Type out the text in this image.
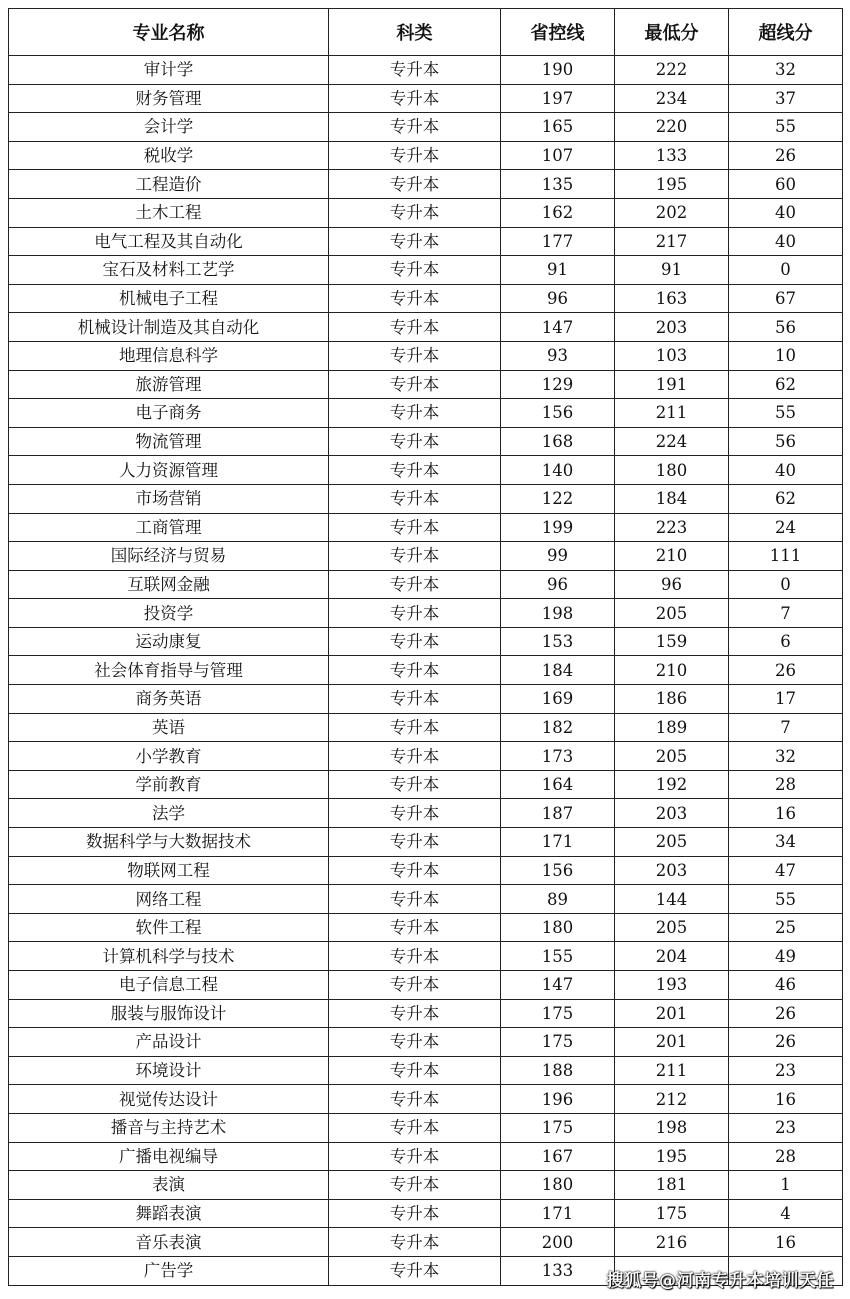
专业名称	科类	省控线	最低分	超线分
审计学	专升本	190	222	32
财务管理	专升本	197	234	37
会计学	专升本	165	220	55
税收学	专升本	107	133	26
工程造价	专升本	135	195	60
土木工程	专升本	162	202	40
电气工程及其自动化	专升本	177	217	40
宝石及材料工艺学	专升本	91	91	0
机械电子工程	专升本	96	163	67
机械设计制造及其自动化	专升本	147	203	56
地理信息科学	专升本	93	103	10
旅游管理	专升本	129	191	62
电子商务	专升本	156	211	55
物流管理	专升本	168	224	56
人力资源管理	专升本	140	180	40
市场营销	专升本	122	184	62
工商管理	专升本	199	223	24
国际经济与贸易	专升本	99	210	111
互联网金融	专升本	96	96	0
投资学	专升本	198	205	7
运动康复	专升本	153	159	6
社会体育指导与管理	专升本	184	210	26
商务英语	专升本	169	186	17
英语	专升本	182	189	7
小学教育	专升本	173	205	32
学前教育	专升本	164	192	28
法学	专升本	187	203	16
数据科学与大数据技术	专升本	171	205	34
物联网工程	专升本	156	203	47
网络工程	专升本	89	144	55
软件工程	专升本	180	205	25
计算机科学与技术	专升本	155	204	49
电子信息工程	专升本	147	193	46
服装与服饰设计	专升本	175	201	26
产品设计	专升本	175	201	26
环境设计	专升本	188	211	23
视觉传达设计	专升本	196	212	16
播音与主持艺术	专升本	175	198	23
广播电视编导	专升本	167	195	28
表演	专升本	180	181	1
舞蹈表演	专升本	171	175	4
音乐表演	专升本	200	216	16
广告学	专升本	133		
搜狐号@河南专升本培训天任
